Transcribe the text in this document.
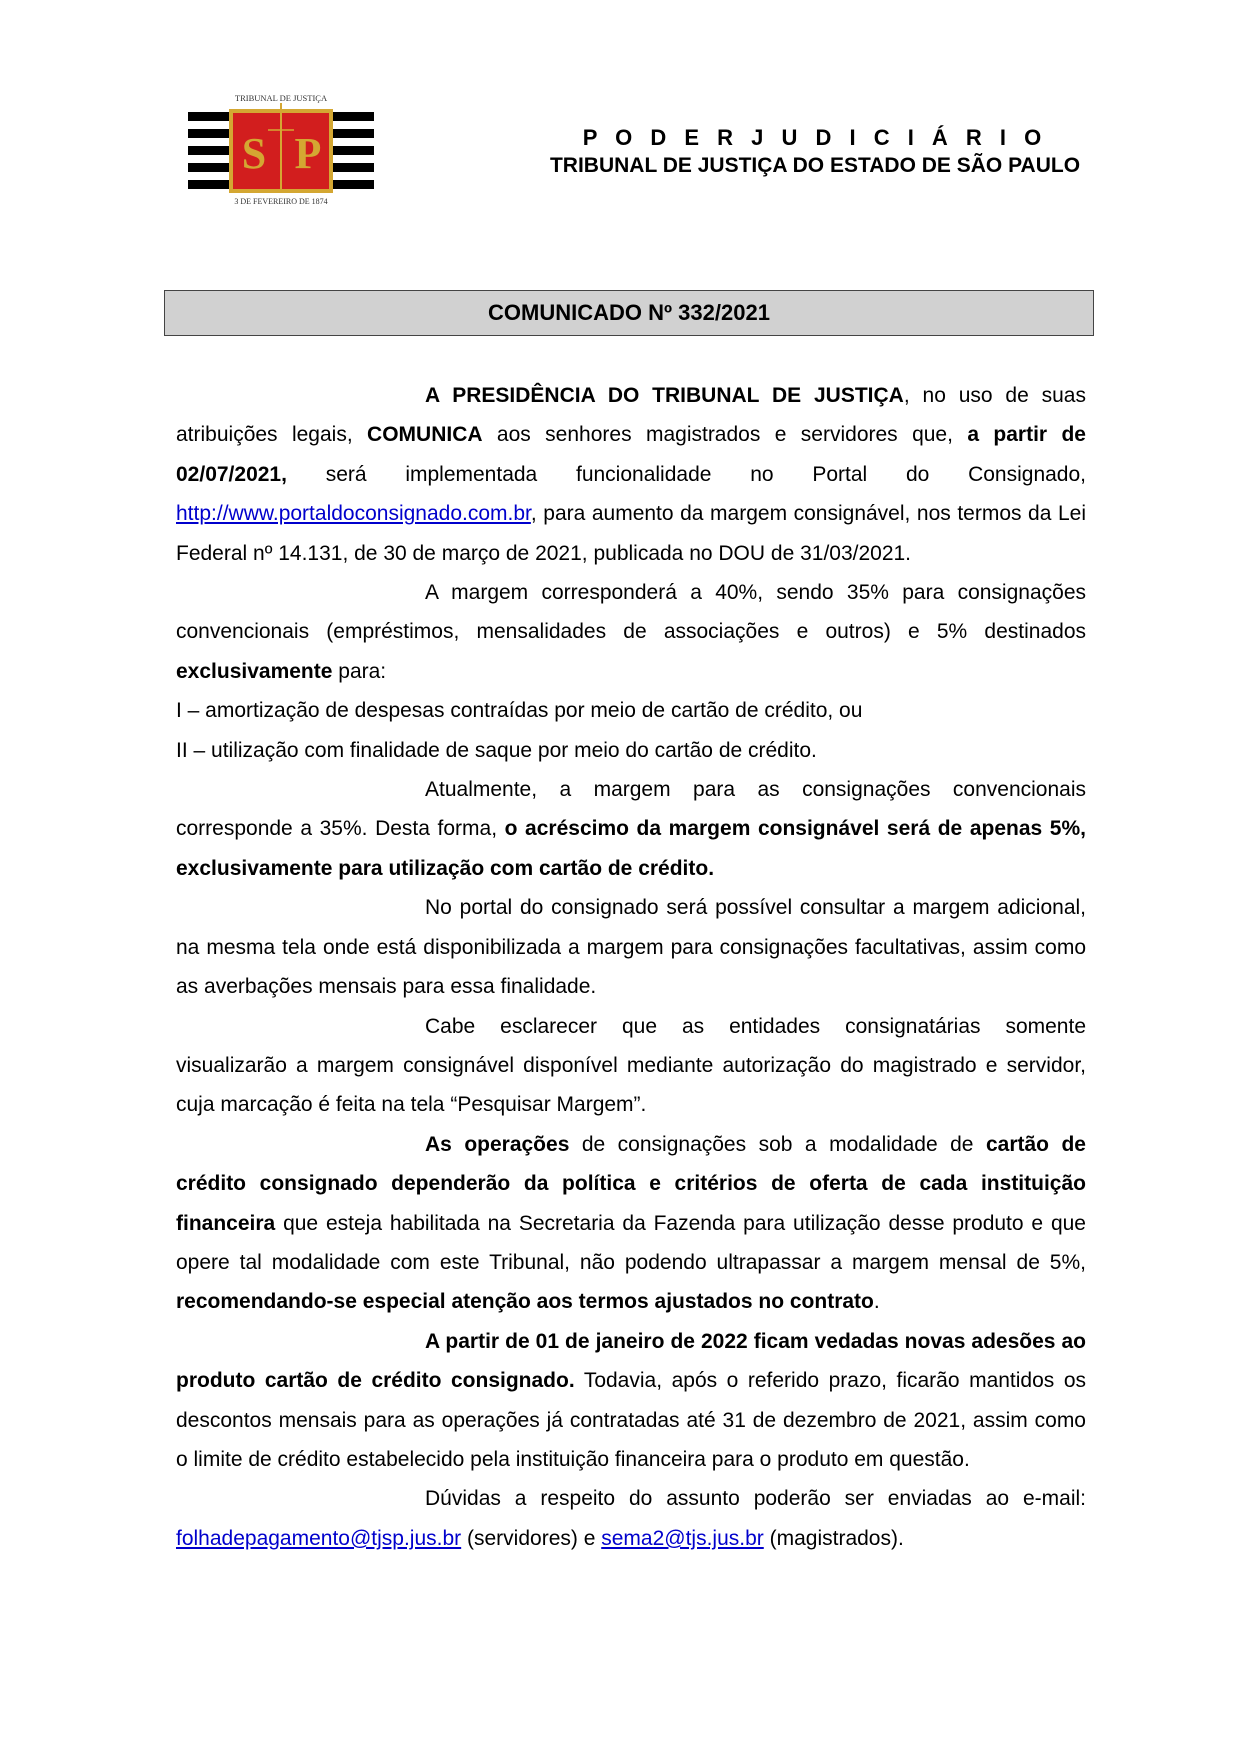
TRIBUNAL DE JUSTIÇA
S P
3 DE FEVEREIRO DE 1874
P O D E R J U D I C I Á R I O
TRIBUNAL DE JUSTIÇA DO ESTADO DE SÃO PAULO
COMUNICADO Nº 332/2021

A PRESIDÊNCIA DO TRIBUNAL DE JUSTIÇA, no uso de suas atribuições legais, COMUNICA aos senhores magistrados e servidores que, a partir de 02/07/2021, será implementada funcionalidade no Portal do Consignado, http://www.portaldoconsignado.com.br, para aumento da margem consignável, nos termos da Lei Federal nº 14.131, de 30 de março de 2021, publicada no DOU de 31/03/2021.

A margem corresponderá a 40%, sendo 35% para consignações convencionais (empréstimos, mensalidades de associações e outros) e 5% destinados exclusivamente para:

I – amortização de despesas contraídas por meio de cartão de crédito, ou

II – utilização com finalidade de saque por meio do cartão de crédito.

Atualmente, a margem para as consignações convencionais corresponde a 35%. Desta forma, o acréscimo da margem consignável será de apenas 5%, exclusivamente para utilização com cartão de crédito.

No portal do consignado será possível consultar a margem adicional, na mesma tela onde está disponibilizada a margem para consignações facultativas, assim como as averbações mensais para essa finalidade.

Cabe esclarecer que as entidades consignatárias somente visualizarão a margem consignável disponível mediante autorização do magistrado e servidor, cuja marcação é feita na tela “Pesquisar Margem”.

As operações de consignações sob a modalidade de cartão de crédito consignado dependerão da política e critérios de oferta de cada instituição financeira que esteja habilitada na Secretaria da Fazenda para utilização desse produto e que opere tal modalidade com este Tribunal, não podendo ultrapassar a margem mensal de 5%, recomendando-se especial atenção aos termos ajustados no contrato.

A partir de 01 de janeiro de 2022 ficam vedadas novas adesões ao produto cartão de crédito consignado. Todavia, após o referido prazo, ficarão mantidos os descontos mensais para as operações já contratadas até 31 de dezembro de 2021, assim como o limite de crédito estabelecido pela instituição financeira para o produto em questão.

Dúvidas a respeito do assunto poderão ser enviadas ao e-mail: folhadepagamento@tjsp.jus.br (servidores) e sema2@tjs.jus.br (magistrados).
